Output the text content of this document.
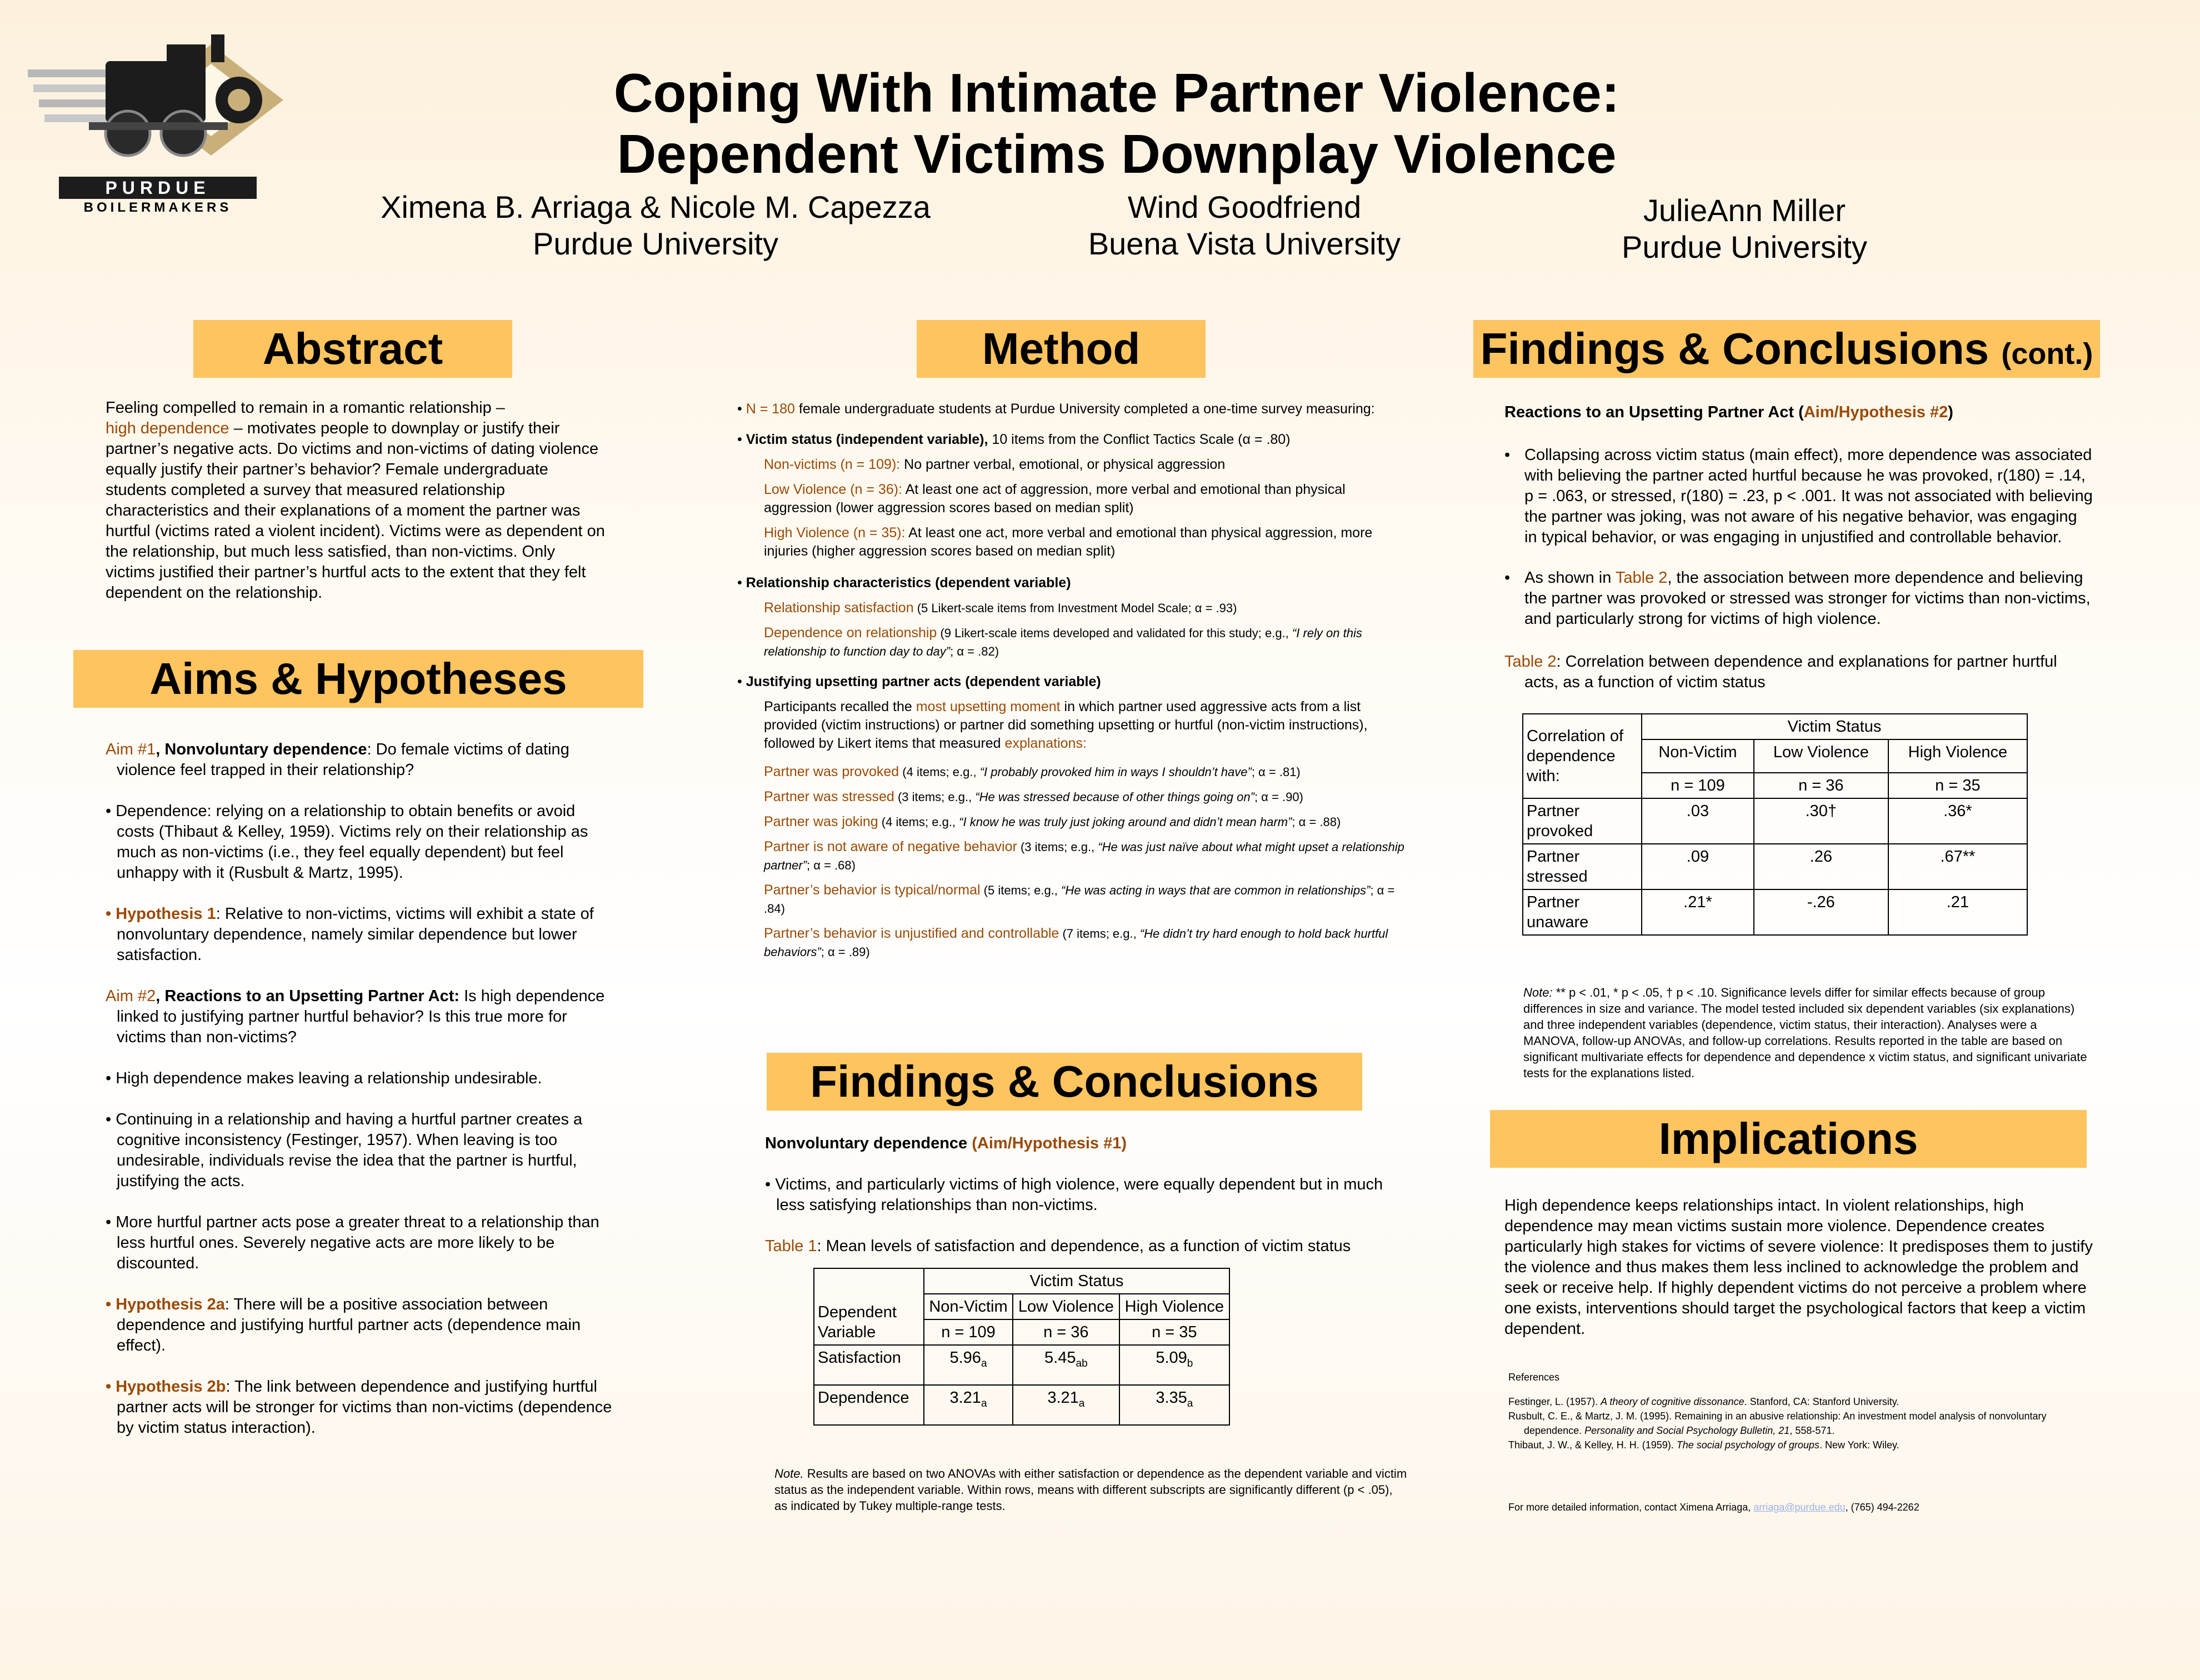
PURDUE
BOILERMAKERS
Coping With Intimate Partner Violence:
Dependent Victims Downplay Violence
Ximena B. Arriaga & Nicole M. Capezza
Purdue University
Wind Goodfriend
Buena Vista University
JulieAnn Miller
Purdue University
Abstract
Feeling compelled to remain in a romantic relationship –
high dependence – motivates people to downplay or justify their partner’s negative acts. Do victims and non-victims of dating violence equally justify their partner’s behavior? Female undergraduate students completed a survey that measured relationship characteristics and their explanations of a moment the partner was hurtful (victims rated a violent incident). Victims were as dependent on the relationship, but much less satisfied, than non-victims. Only victims justified their partner’s hurtful acts to the extent that they felt dependent on the relationship.
Aims & Hypotheses

Aim #1, Nonvoluntary dependence: Do female victims of dating violence feel trapped in their relationship?

• Dependence: relying on a relationship to obtain benefits or avoid costs (Thibaut & Kelley, 1959). Victims rely on their relationship as much as non-victims (i.e., they feel equally dependent) but feel unhappy with it (Rusbult & Martz, 1995).

• Hypothesis 1: Relative to non-victims, victims will exhibit a state of nonvoluntary dependence, namely similar dependence but lower satisfaction.

Aim #2, Reactions to an Upsetting Partner Act: Is high dependence linked to justifying partner hurtful behavior? Is this true more for victims than non-victims?

• High dependence makes leaving a relationship undesirable.

• Continuing in a relationship and having a hurtful partner creates a cognitive inconsistency (Festinger, 1957). When leaving is too undesirable, individuals revise the idea that the partner is hurtful, justifying the acts.

• More hurtful partner acts pose a greater threat to a relationship than less hurtful ones. Severely negative acts are more likely to be discounted.

• Hypothesis 2a: There will be a positive association between dependence and justifying hurtful partner acts (dependence main effect).

• Hypothesis 2b: The link between dependence and justifying hurtful partner acts will be stronger for victims than non-victims (dependence by victim status interaction).

Method

• N = 180 female undergraduate students at Purdue University completed a one-time survey measuring:

• Victim status (independent variable), 10 items from the Conflict Tactics Scale (α = .80)

Non-victims (n = 109): No partner verbal, emotional, or physical aggression
Low Violence (n = 36): At least one act of aggression, more verbal and emotional than physical aggression (lower aggression scores based on median split)
High Violence (n = 35): At least one act, more verbal and emotional than physical aggression, more injuries (higher aggression scores based on median split)

• Relationship characteristics (dependent variable)

Relationship satisfaction (5 Likert-scale items from Investment Model Scale; α = .93)
Dependence on relationship (9 Likert-scale items developed and validated for this study; e.g., “I rely on this relationship to function day to day”; α = .82)

• Justifying upsetting partner acts (dependent variable)

Participants recalled the most upsetting moment in which partner used aggressive acts from a list provided (victim instructions) or partner did something upsetting or hurtful (non-victim instructions), followed by Likert items that measured explanations:
Partner was provoked (4 items; e.g., “I probably provoked him in ways I shouldn’t have”; α = .81)
Partner was stressed (3 items; e.g., “He was stressed because of other things going on”; α = .90)
Partner was joking (4 items; e.g., “I know he was truly just joking around and didn’t mean harm”; α = .88)
Partner is not aware of negative behavior (3 items; e.g., “He was just naïve about what might upset a relationship partner”; α = .68)
Partner’s behavior is typical/normal (5 items; e.g., “He was acting in ways that are common in relationships”; α = .84)
Partner’s behavior is unjustified and controllable (7 items; e.g., “He didn’t try hard enough to hold back hurtful behaviors”; α = .89)
Findings & Conclusions

Nonvoluntary dependence (Aim/Hypothesis #1)

• Victims, and particularly victims of high violence, were equally dependent but in much less satisfying relationships than non-victims.

Table 1: Mean levels of satisfaction and dependence, as a function of victim status

Dependent Variable	Victim Status		
	Non-Victim	Low Violence	High Violence
	n = 109	n = 36	n = 35
Satisfaction	$5.96_a$	$5.45_{ab}$	$5.09_b$
Dependence	$3.21_a$	$3.21_a$	$3.35_a$
Note. Results are based on two ANOVAs with either satisfaction or dependence as the dependent variable and victim status as the independent variable. Within rows, means with different subscripts are significantly different (p < .05), as indicated by Tukey multiple-range tests.
Findings & Conclusions (cont.)

Reactions to an Upsetting Partner Act (Aim/Hypothesis #2)

• Collapsing across victim status (main effect), more dependence was associated with believing the partner acted hurtful because he was provoked, r(180) = .14, p = .063, or stressed, r(180) = .23, p < .001. It was not associated with believing the partner was joking, was not aware of his negative behavior, was engaging in typical behavior, or was engaging in unjustified and controllable behavior.
• As shown in Table 2, the association between more dependence and believing the partner was provoked or stressed was stronger for victims than non-victims, and particularly strong for victims of high violence.

Table 2: Correlation between dependence and explanations for partner hurtful acts, as a function of victim status

Correlation of dependence with:	Victim Status		
	Non-Victim	Low Violence	High Violence
	n = 109	n = 36	n = 35
Partner provoked	.03	.30†	.36*
Partner stressed	.09	.26	.67**
Partner unaware	.21*	-.26	.21
Note: ** p < .01, * p < .05, † p < .10. Significance levels differ for similar effects because of group differences in size and variance. The model tested included six dependent variables (six explanations) and three independent variables (dependence, victim status, their interaction). Analyses were a MANOVA, follow-up ANOVAs, and follow-up correlations. Results reported in the table are based on significant multivariate effects for dependence and dependence x victim status, and significant univariate tests for the explanations listed.
Implications
High dependence keeps relationships intact. In violent relationships, high dependence may mean victims sustain more violence. Dependence creates particularly high stakes for victims of severe violence: It predisposes them to justify the violence and thus makes them less inclined to acknowledge the problem and seek or receive help. If highly dependent victims do not perceive a problem where one exists, interventions should target the psychological factors that keep a victim dependent.
References
Festinger, L. (1957). A theory of cognitive dissonance. Stanford, CA: Stanford University.
Rusbult, C. E., & Martz, J. M. (1995). Remaining in an abusive relationship: An investment model analysis of nonvoluntary dependence. Personality and Social Psychology Bulletin, 21, 558-571.
Thibaut, J. W., & Kelley, H. H. (1959). The social psychology of groups. New York: Wiley.
For more detailed information, contact Ximena Arriaga, arriaga@purdue.edu, (765) 494-2262
